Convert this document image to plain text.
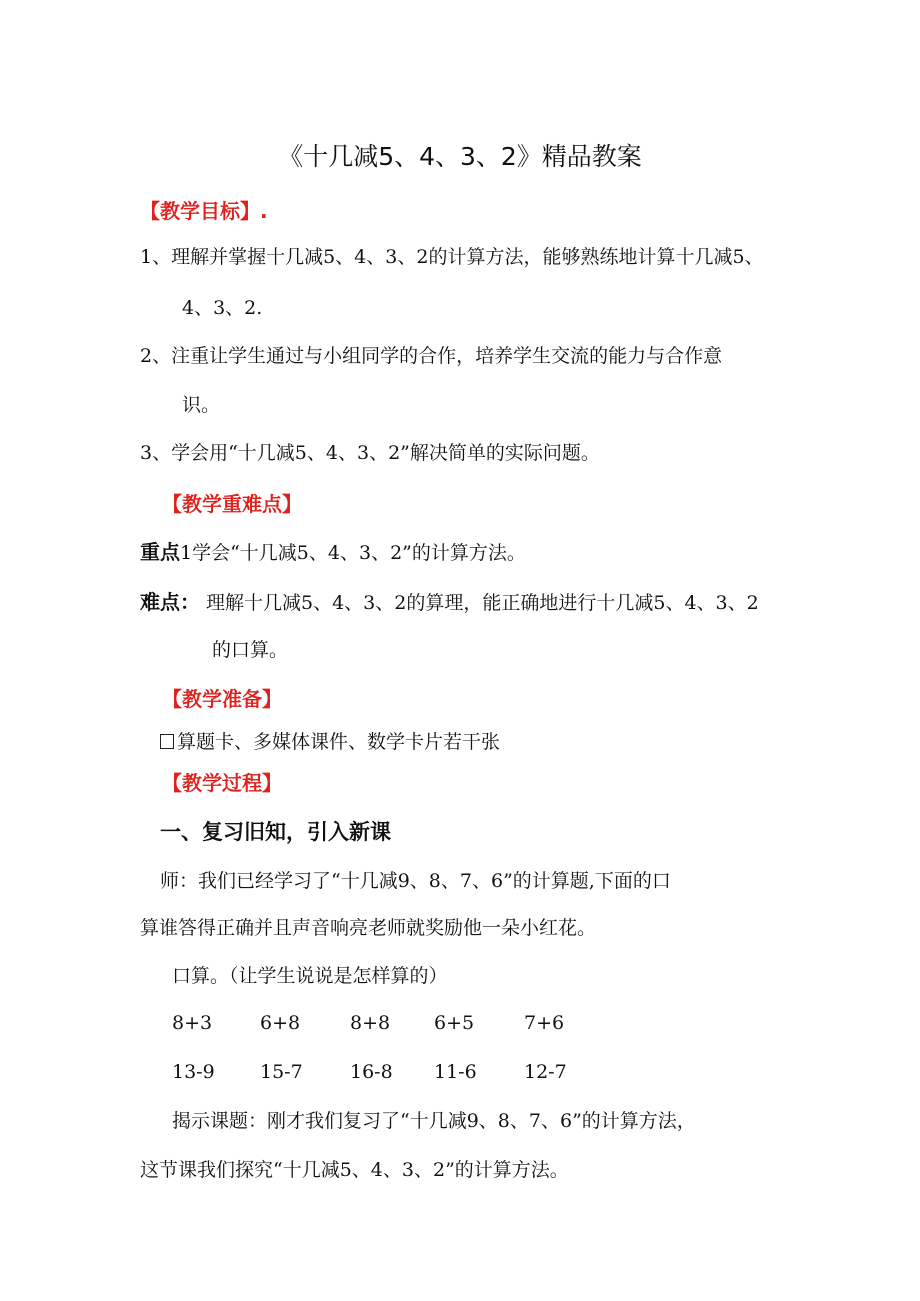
《十几减5、4、3、2》精品教案
【教学目标】.
1、理解并掌握十几减5、4、3、2的计算方法，能够熟练地计算十几减5、
4、3、2.
2、注重让学生通过与小组同学的合作，培养学生交流的能力与合作意
识。
3、学会用“十几减5、4、3、2”解决简单的实际问题。
【教学重难点】
重点1学会“十几减5、4、3、2”的计算方法。
难点： 理解十几减5、4、3、2的算理，能正确地进行十几减5、4、3、2
的口算。
【教学准备】
算题卡、多媒体课件、数学卡片若干张
【教学过程】
一、复习旧知，引入新课
师：我们已经学习了“十几减9、8、7、6”的计算题,下面的口
算谁答得正确并且声音响亮老师就奖励他一朵小红花。
口算。（让学生说说是怎样算的）
8+3	6+8	8+8 6+5	7+6
13-9 15-7 16-8 11-6 12-7
揭示课题：刚才我们复习了“十几减9、8、7、6”的计算方法，
这节课我们探究“十几减5、4、3、2”的计算方法。
